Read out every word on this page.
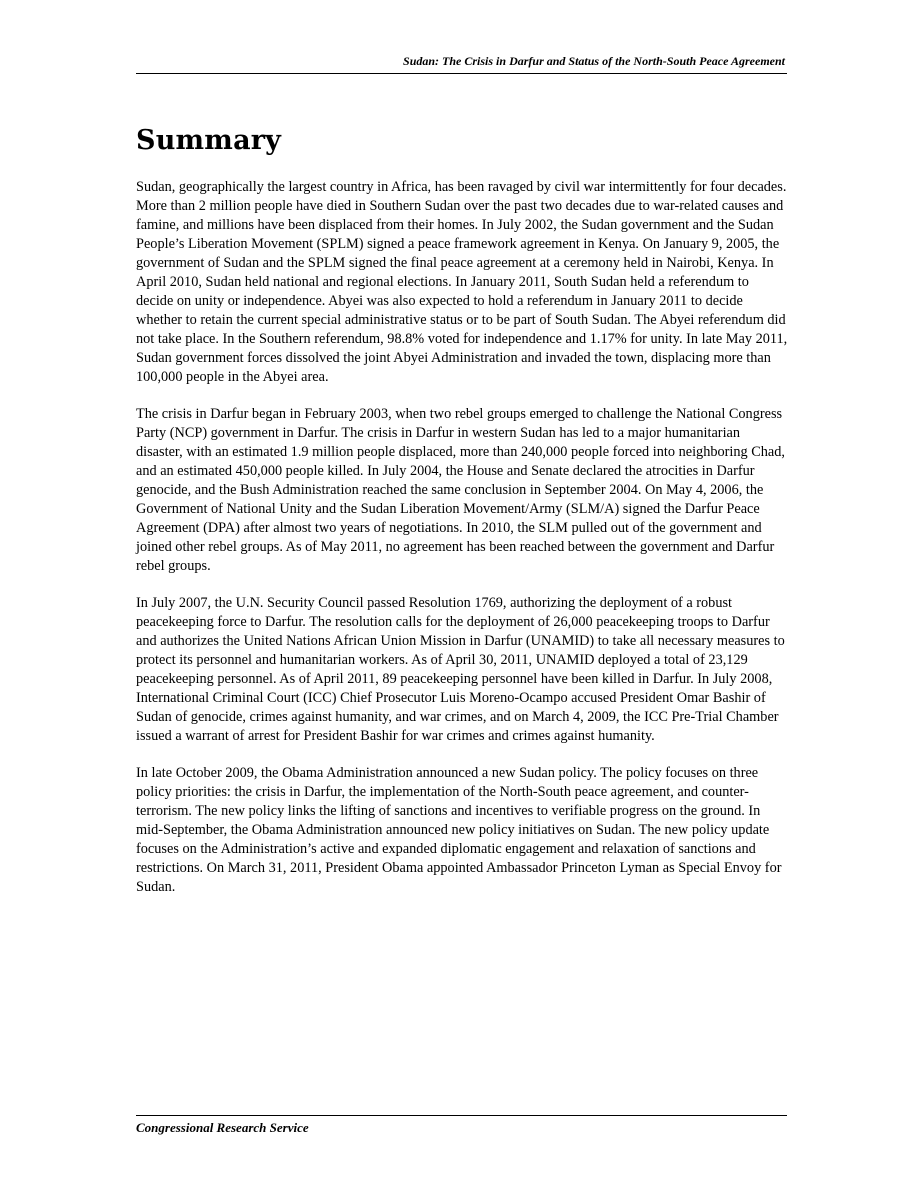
Sudan: The Crisis in Darfur and Status of the North-South Peace Agreement
Summary

Sudan, geographically the largest country in Africa, has been ravaged by civil war intermittently for four decades. More than 2 million people have died in Southern Sudan over the past two decades due to war-related causes and famine, and millions have been displaced from their homes. In July 2002, the Sudan government and the Sudan People’s Liberation Movement (SPLM) signed a peace framework agreement in Kenya. On January 9, 2005, the government of Sudan and the SPLM signed the final peace agreement at a ceremony held in Nairobi, Kenya. In April 2010, Sudan held national and regional elections. In January 2011, South Sudan held a referendum to decide on unity or independence. Abyei was also expected to hold a referendum in January 2011 to decide whether to retain the current special administrative status or to be part of South Sudan. The Abyei referendum did not take place. In the Southern referendum, 98.8% voted for independence and 1.17% for unity. In late May 2011, Sudan government forces dissolved the joint Abyei Administration and invaded the town, displacing more than 100,000 people in the Abyei area.

The crisis in Darfur began in February 2003, when two rebel groups emerged to challenge the National Congress Party (NCP) government in Darfur. The crisis in Darfur in western Sudan has led to a major humanitarian disaster, with an estimated 1.9 million people displaced, more than 240,000 people forced into neighboring Chad, and an estimated 450,000 people killed. In July 2004, the House and Senate declared the atrocities in Darfur genocide, and the Bush Administration reached the same conclusion in September 2004. On May 4, 2006, the Government of National Unity and the Sudan Liberation Movement/Army (SLM/A) signed the Darfur Peace Agreement (DPA) after almost two years of negotiations. In 2010, the SLM pulled out of the government and joined other rebel groups. As of May 2011, no agreement has been reached between the government and Darfur rebel groups.

In July 2007, the U.N. Security Council passed Resolution 1769, authorizing the deployment of a robust peacekeeping force to Darfur. The resolution calls for the deployment of 26,000 peacekeeping troops to Darfur and authorizes the United Nations African Union Mission in Darfur (UNAMID) to take all necessary measures to protect its personnel and humanitarian workers. As of April 30, 2011, UNAMID deployed a total of 23,129 peacekeeping personnel. As of April 2011, 89 peacekeeping personnel have been killed in Darfur. In July 2008, International Criminal Court (ICC) Chief Prosecutor Luis Moreno-Ocampo accused President Omar Bashir of Sudan of genocide, crimes against humanity, and war crimes, and on March 4, 2009, the ICC Pre-Trial Chamber issued a warrant of arrest for President Bashir for war crimes and crimes against humanity.

In late October 2009, the Obama Administration announced a new Sudan policy. The policy focuses on three policy priorities: the crisis in Darfur, the implementation of the North-South peace agreement, and counter-terrorism. The new policy links the lifting of sanctions and incentives to verifiable progress on the ground. In mid-September, the Obama Administration announced new policy initiatives on Sudan. The new policy update focuses on the Administration’s active and expanded diplomatic engagement and relaxation of sanctions and restrictions. On March 31, 2011, President Obama appointed Ambassador Princeton Lyman as Special Envoy for Sudan.

Congressional Research Service
